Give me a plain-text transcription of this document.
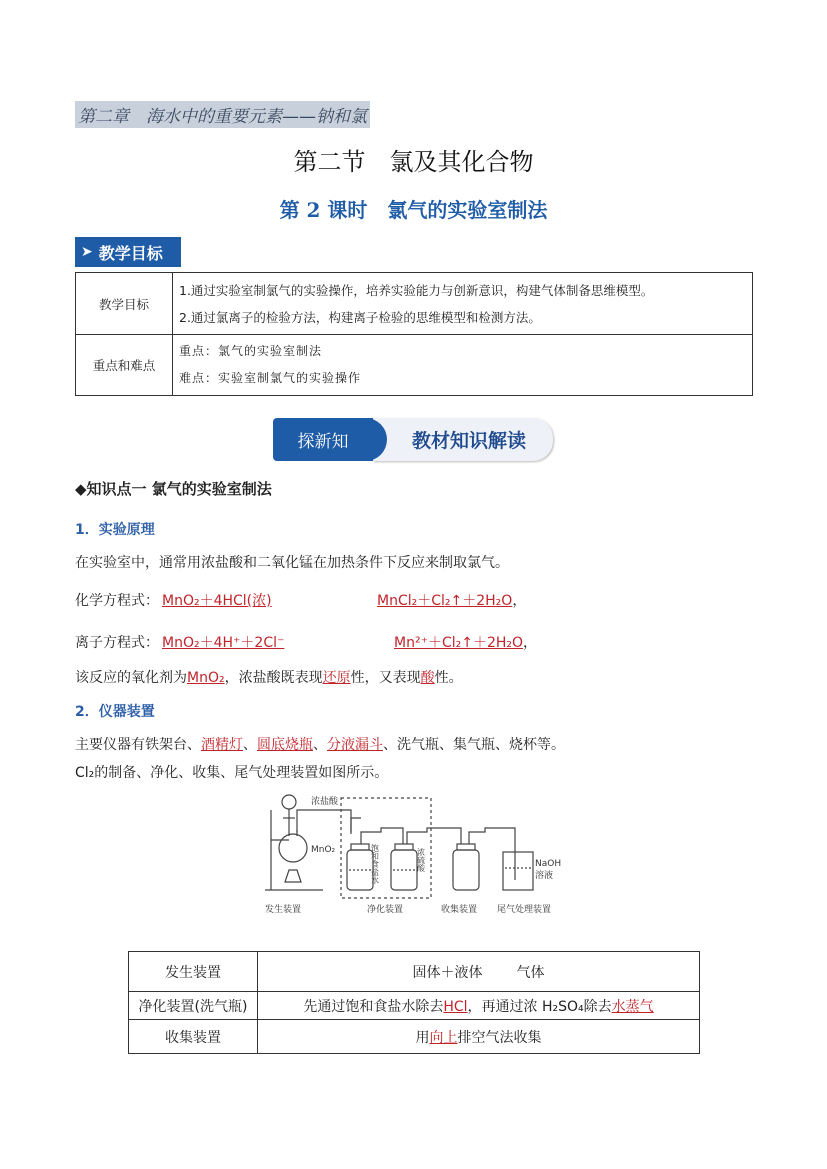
第二章　海水中的重要元素——钠和氯
第二节　氯及其化合物
第 2 课时　氯气的实验室制法
➤ 教学目标
教学目标	1.通过实验室制氯气的实验操作，培养实验能力与创新意识，构建气体制备思维模型。
2.通过氯离子的检验方法，构建离子检验的思维模型和检测方法。

重点和难点	重点：氯气的实验室制法
难点：实验室制氯气的实验操作
教材知识解读
探新知
◆知识点一 氯气的实验室制法
1．实验原理
在实验室中，通常用浓盐酸和二氧化锰在加热条件下反应来制取氯气。
化学方程式： MnO₂＋4HCl(浓)	MnCl₂＋Cl₂↑＋2H₂O，
离子方程式： MnO₂＋4H⁺＋2Cl⁻	Mn²⁺＋Cl₂↑＋2H₂O，
该反应的氧化剂为MnO₂，浓盐酸既表现还原性，又表现酸性。
2．仪器装置
主要仪器有铁架台、酒精灯、圆底烧瓶、分液漏斗、洗气瓶、集气瓶、烧杯等。
Cl₂的制备、净化、收集、尾气处理装置如图所示。
浓盐酸
MnO₂	饱和食盐水	浓硫酸	NaOH
溶液
发生装置	净化装置	收集装置 尾气处理装置
发生装置	固体＋液体 气体
净化装置(洗气瓶)	先通过饱和食盐水除去HCl，再通过浓 H₂SO₄除去水蒸气
收集装置	用向上排空气法收集
